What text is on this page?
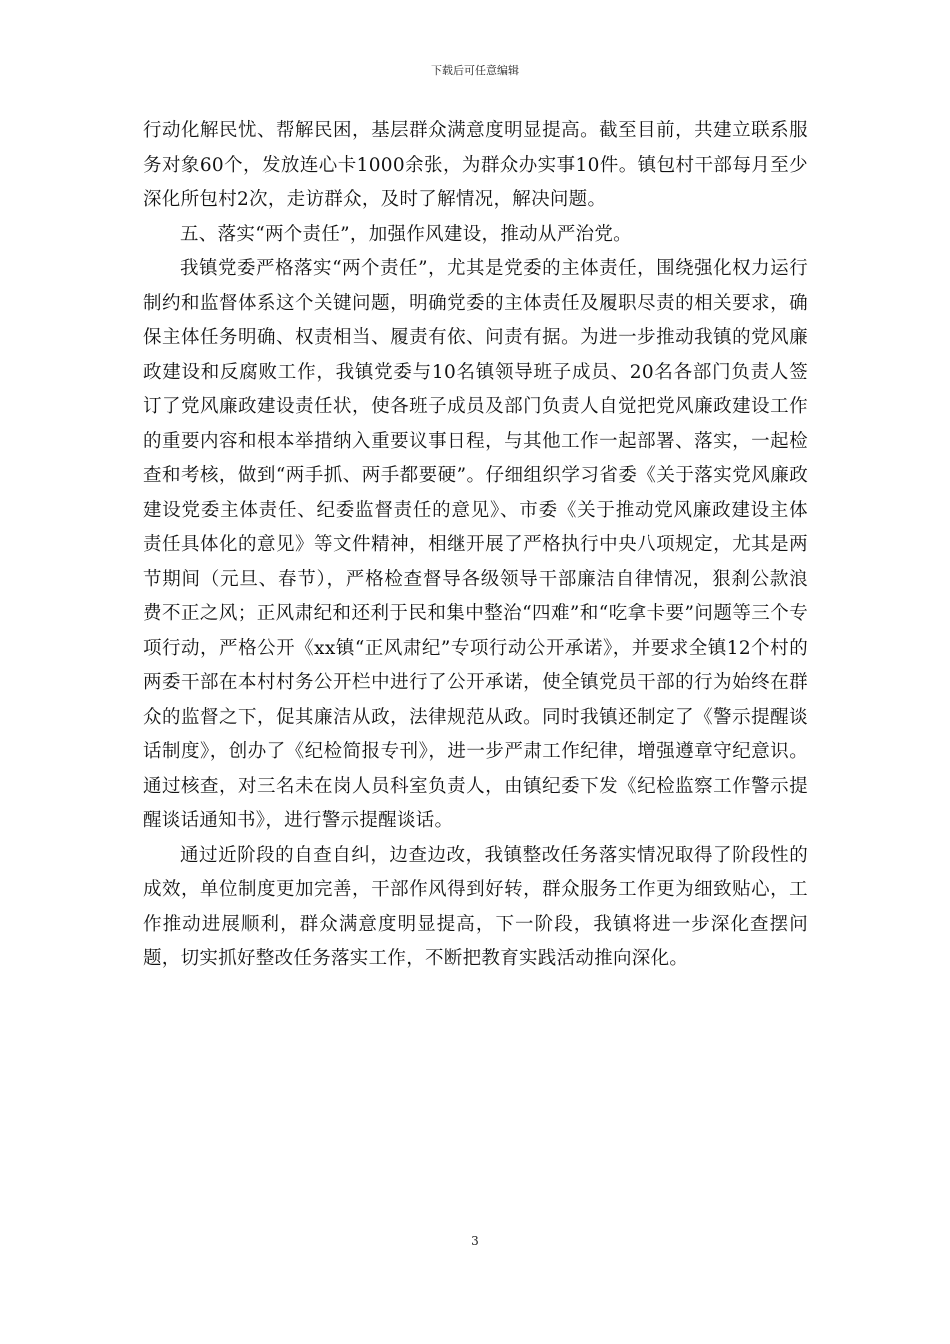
下载后可任意编辑

行动化解民忧、帮解民困，基层群众满意度明显提高。截至目前，共建立联系服务对象60个，发放连心卡1000余张，为群众办实事10件。镇包村干部每月至少深化所包村2次，走访群众，及时了解情况，解决问题。

五、落实“两个责任”，加强作风建设，推动从严治党。

我镇党委严格落实“两个责任”，尤其是党委的主体责任，围绕强化权力运行制约和监督体系这个关键问题，明确党委的主体责任及履职尽责的相关要求，确保主体任务明确、权责相当、履责有依、问责有据。为进一步推动我镇的党风廉政建设和反腐败工作，我镇党委与10名镇领导班子成员、20名各部门负责人签订了党风廉政建设责任状，使各班子成员及部门负责人自觉把党风廉政建设工作的重要内容和根本举措纳入重要议事日程，与其他工作一起部署、落实，一起检查和考核，做到“两手抓、两手都要硬”。仔细组织学习省委《关于落实党风廉政建设党委主体责任、纪委监督责任的意见》、市委《关于推动党风廉政建设主体责任具体化的意见》等文件精神，相继开展了严格执行中央八项规定，尤其是两节期间（元旦、春节），严格检查督导各级领导干部廉洁自律情况，狠刹公款浪费不正之风；正风肃纪和还利于民和集中整治“四难”和“吃拿卡要”问题等三个专项行动，严格公开《xx镇“正风肃纪”专项行动公开承诺》，并要求全镇12个村的两委干部在本村村务公开栏中进行了公开承诺，使全镇党员干部的行为始终在群众的监督之下，促其廉洁从政，法律规范从政。同时我镇还制定了《警示提醒谈话制度》，创办了《纪检简报专刊》，进一步严肃工作纪律，增强遵章守纪意识。通过核查，对三名未在岗人员科室负责人，由镇纪委下发《纪检监察工作警示提醒谈话通知书》，进行警示提醒谈话。

通过近阶段的自查自纠，边查边改，我镇整改任务落实情况取得了阶段性的成效，单位制度更加完善，干部作风得到好转，群众服务工作更为细致贴心，工作推动进展顺利，群众满意度明显提高，下一阶段，我镇将进一步深化查摆问题，切实抓好整改任务落实工作，不断把教育实践活动推向深化。

3
